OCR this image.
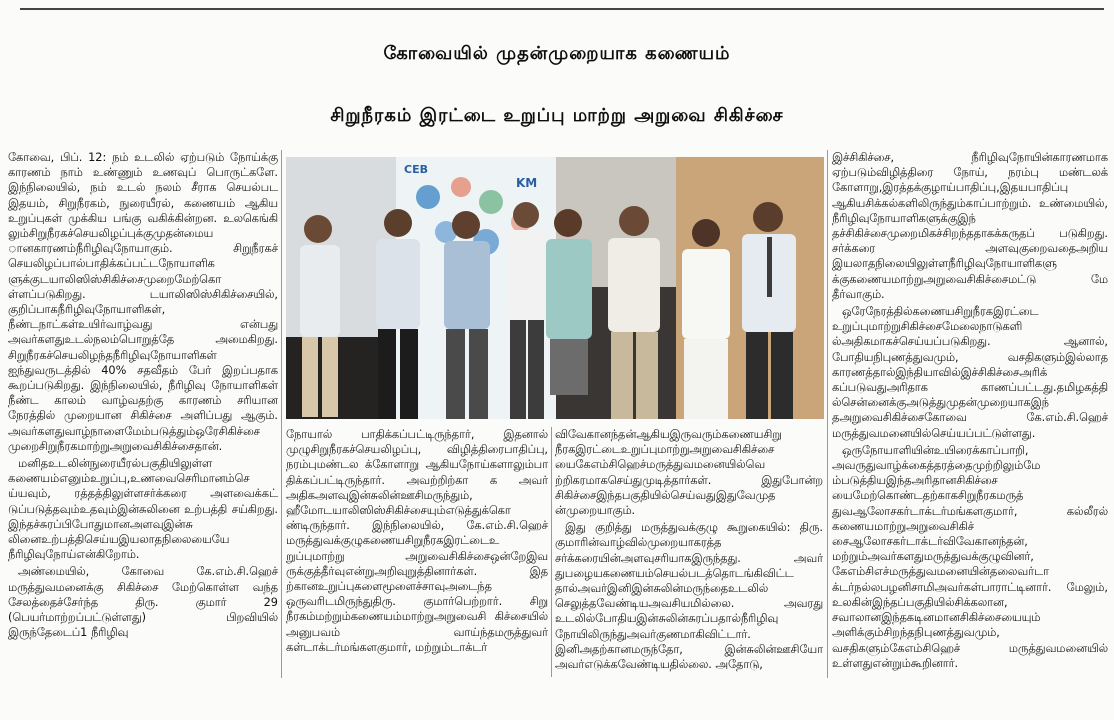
கோவையில் முதன்முறையாக கணையம்
சிறுநீரகம் இரட்டை உறுப்பு மாற்று அறுவை சிகிச்சை

கோவை, பிப். 12: நம் உடலில் ஏற்படும் நோய்க்கு காரணம் நாம் உண்ணும் உணவுப் பொருட்களே. இந்நிலையில், நம் உடல் நலம் சீராக செயல்பட இதயம், சிறுநீரகம், நுரையீரல், கணையம் ஆகிய உறுப்புகள் முக்கிய பங்கு வகிக்கின்றன. உலகெங்கி லும்சிறுநீரகச்செயலிழப்புக்குமுதன்மைய ானகாரணம்நீரிழிவுநோயாகும். சிறுநீரகச் செயலிழப்பால்பாதிக்கப்பட்டநோயாளிக ளுக்குடயாலிஸிஸ்சிகிச்சைமுறைமேற்கொ ள்ளப்படுகிறது. டயாலிஸிஸ்சிகிச்சையில், குறிப்பாகநீரிழிவுநோயாளிகள், நீண்டநாட்கள்உயிர்வாழ்வது என்பது அவர்களதுஉடல்நலம்பொறுத்தே அமைகிறது. சிறுநீரகச்செயலிழந்தநீரிழிவுநோயாளிகள் ஐந்துவருடத்தில் 40% சதவீதம் பேர் இறப்பதாக கூறப்படுகிறது. இந்நிலையில், நீரிழிவு நோயாளிகள் நீண்ட காலம் வாழ்வதற்கு காரணம் சரியான நேரத்தில் முறையான சிகிச்சை அளிப்பது ஆகும். அவர்களதுவாழ்நாளைமேம்படுத்தும்ஒரேசிகிச்சை முறைசிறுநீரகமாற்றுஅறுவைசிகிச்சைதான்.

மனிதஉடலின்நுரையீரல்பகுதியிலுள்ள கணையம்எனும்உறுப்பு,உணவைசெரிமானம்செ ய்யவும், ரத்தத்திலுள்ளசர்க்கரை அளவைக்கட் டுப்படுத்தவும்உதவும்இன்சுலினை உற்பத்தி சய்கிறது. இந்தச்சுரப்பிபோதுமானஅளவுஇன்சு லினைஉற்பத்திசெய்யஇயலாதநிலையையே நீரிழிவுநோய்என்கிறோம்.

அண்மையில், கோவை கே.எம்.சி.ஹெச் மருத்துவமனைக்கு சிகிச்சை மேற்கொள்ள வந்த சேலத்தைச்சேர்ந்த திரு. குமார் 29 (பெயர்மாற்றப்பட்டுள்ளது) பிறவியில் இருந்தேடைப்1 நீரிழிவு

CEB
KM

நோயால் பாதிக்கப்பட்டிருந்தார், இதனால் முழுசிறுநீரகச்செயலிழப்பு, விழித்திரைபாதிப்பு, நரம்புமண்டல க்கோளாறு ஆகியநோய்களாலும்பா திக்கப்பட்டிருந்தார். அவற்றிற்கா க அவர் அதிகஅளவுஇன்சுலின்ஊசிமருந்தும், ஹீமோடயாலிஸிஸ்சிகிச்சையும்எடுத்துக்கொ ண்டிருந்தார். இந்நிலையில், கே.எம்.சி.ஹெச் மருத்துவக்குழுகணையசிறுநீரகஇரட்டைஉ றுப்புமாற்று அறுவைசிகிச்சைஒன்றேஇவ ருக்குத்தீர்வுஎன்றுஅறிவுறுத்தினார்கள். இத ற்கானஉறுப்புகளைமூளைச்சாவுஅடைந்த ஒருவரிடமிருந்துதிரு. குமார்பெற்றார். சிறு நீரகம்மற்றும்கணையம்மாற்றுஅறுவைசி கிச்சையில் அனுபவம் வாய்ந்தமருத்துவர் கள்டாக்டர்மங்களகுமார், மற்றும்டாக்டர்

விவேகானந்தன்ஆகியஇருவரும்கணையசிறு நீரகஇரட்டைஉறுப்புமாற்றுஅறுவைசிகிச்சை யைகேஎம்சிஹெச்மருத்துவமனையில்வெ ற்றிகரமாகசெய்துமுடித்தார்கள். இதுபோன்ற சிகிச்சைஇந்தபகுதியில்செய்வதுஇதுவேமுத ன்முறையாகும்.

இது குறித்து மருத்துவக்குழு கூறுகையில்: திரு. குமாரின்வாழ்வில்முறையாகரத்த சர்க்கரையின்அளவுசரியாகஇருந்தது. அவர் துபழையகணையம்செயல்படத்தொடங்கிவிட்ட தால்அவர்இனிஇன்சுலின்மருந்தைஉடலில் செலுத்தவேண்டியஅவசியமில்லை. அவரது உடலில்போதியஇன்சுலின்சுரப்பதால்நீரிழிவு நோயிலிருந்துஅவர்குணமாகிவிட்டார். இனிஅதற்கானமருந்தோ, இன்சுலின்ஊசியோ அவர்எடுக்கவேண்டியதில்லை. அதோடு,

இச்சிகிச்சை, நீரிழிவுநோயின்காரணமாக ஏற்படும்விழித்திரை நோய், நரம்பு மண்டலக் கோளாறு,இரத்தக்குழாய்பாதிப்பு,இதயபாதிப்பு ஆகியசிக்கல்களிலிருந்தும்காப்பாற்றும். உண்மையில், நீரிழிவுநோயாளிகளுக்குஇந் தச்சிகிச்சைமுறைமிகச்சிறந்ததாகக்கருதப் படுகிறது. சர்க்கரை அளவுகுறைவதைஅறிய இயலாதநிலையிலுள்ளநீரிழிவுநோயாளிகளு க்குகணையமாற்றுஅறுவைசிகிச்சைமட்டு மே தீர்வாகும்.

ஒரேநேரத்தில்கணையசிறுநீரகஇரட்டை உறுப்புமாற்றுசிகிச்சைமேலைநாடுகளி ல்அதிகமாகச்செய்யப்படுகிறது. ஆனால், போதியநிபுணத்துவமும், வசதிகளும்இல்லாத காரணத்தால்இந்தியாவில்இச்சிகிச்சைஅரிக் கப்படுவதுஅரிதாக காணப்பட்டது.தமிழகத்தி ல்சென்னைக்குஅடுத்துமுதன்முறையாகஇந் தஅறுவைசிகிச்சைகோவை கே.எம்.சி.ஹெச் மருத்துவமனையில்செய்யப்பட்டுள்ளது.

ஒருநோயாளியின்உயிரைக்காப்பாறி, அவருதுவாழ்க்கைத்தரத்தைமுற்றிலும்மே ம்படுத்தியஇந்தஅரிதானசிகிச்சை யைமேற்கொண்டதற்காகசிறுநீரகமருத் துவஆலோசகர்டாக்டர்மங்களகுமார், கல்லீரல் கணையமாற்றுஅறுவைசிகிச் சைஆலோசகர்டாக்டர்விவேகானந்தன், மற்றும்அவர்களதுமருத்துவக்குழுவினர், கேஎம்சிஎச்மருத்துவமனையின்தலைவர்டா க்டர்நல்லபழனிசாமிஅவர்கள்பாராட்டினார். மேலும், உலகின்இந்தப்பகுதியில்சிக்கலான, சவாலானஇந்தகடினமானசிகிச்சையையும் அளிக்கும்சிறந்தநிபுணத்துவமும், வசதிகளும்கேஎம்சிஹெச் மருத்துவமனையில் உள்ளதுஎன்றும்கூறினார்.
